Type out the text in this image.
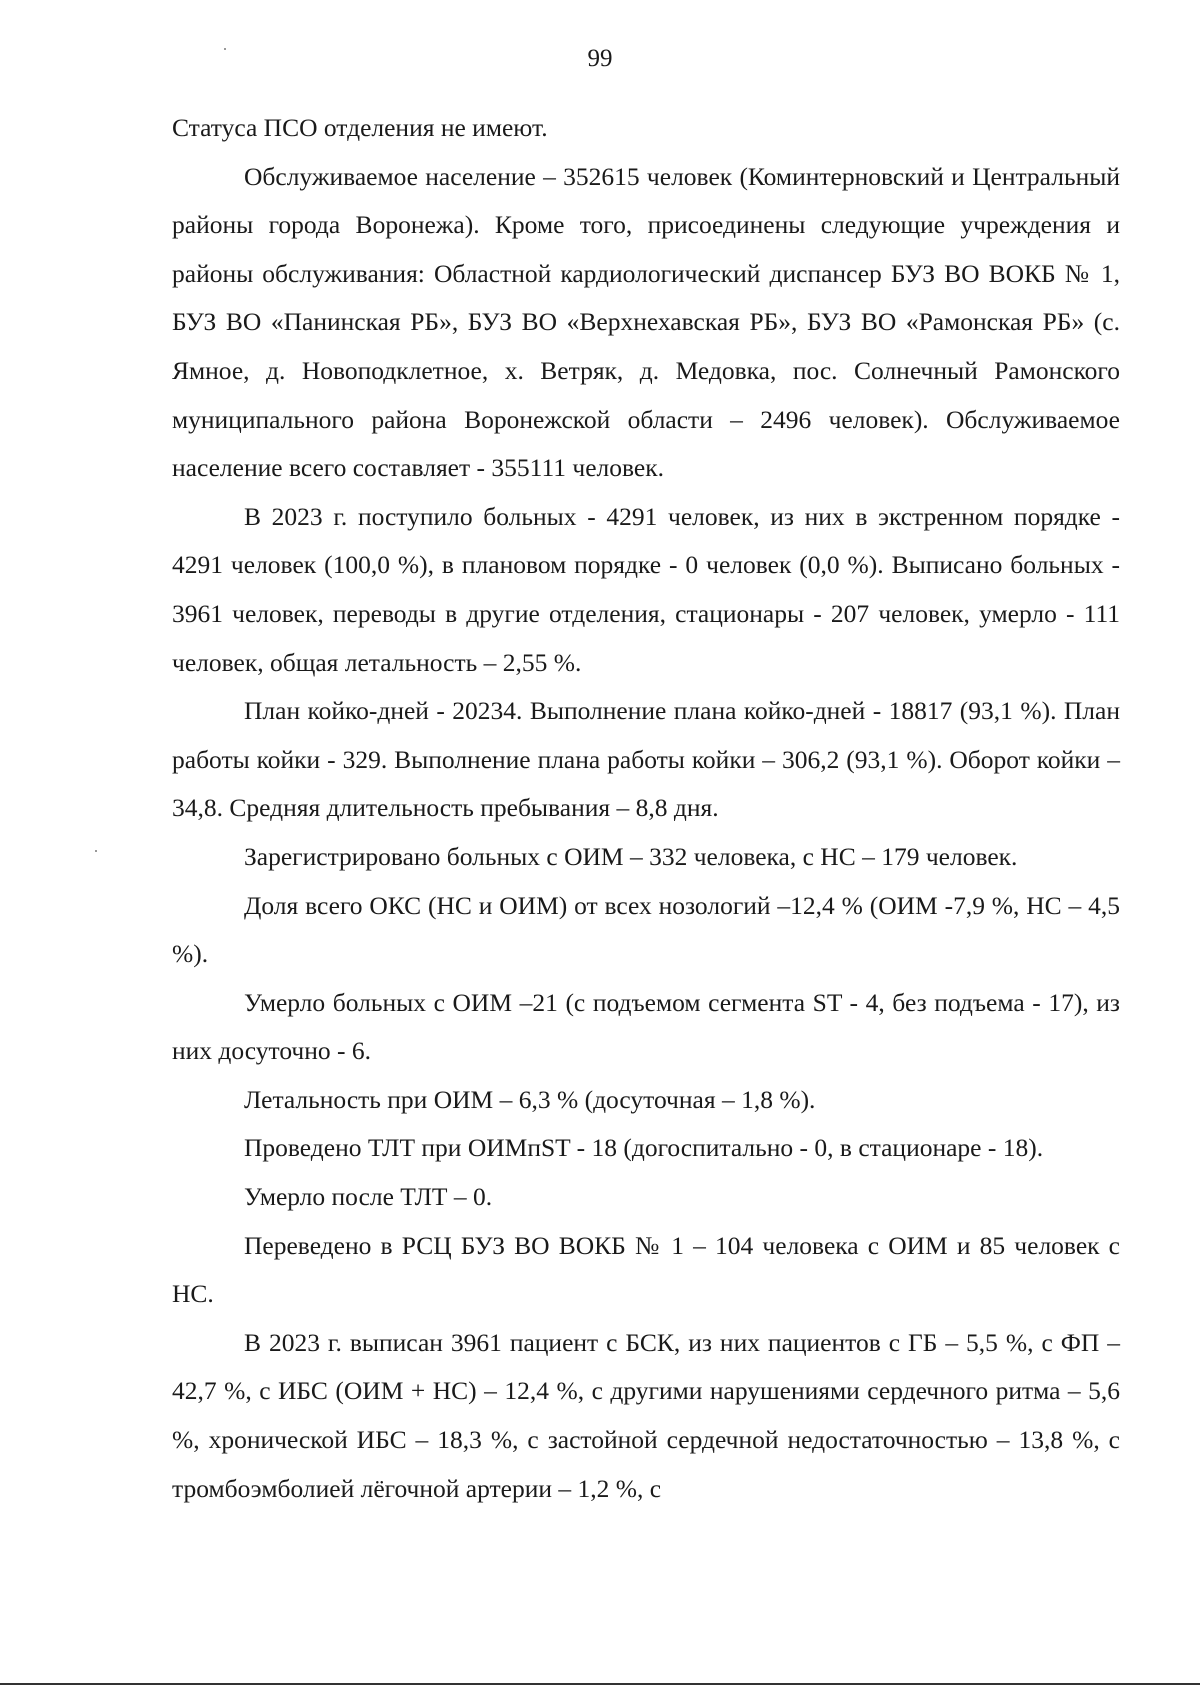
99

Статуса ПСО отделения не имеют.

Обслуживаемое население – 352615 человек (Коминтерновский и Центральный районы города Воронежа). Кроме того, присоединены следующие учреждения и районы обслуживания: Областной кардиологический диспансер БУЗ ВО ВОКБ № 1, БУЗ ВО «Панинская РБ», БУЗ ВО «Верхнехавская РБ», БУЗ ВО «Рамонская РБ» (с. Ямное, д. Новоподклетное, х. Ветряк, д. Медовка, пос. Солнечный Рамонского муниципального района Воронежской области – 2496 человек). Обслуживаемое население всего составляет - 355111 человек.

В 2023 г. поступило больных - 4291 человек, из них в экстренном порядке - 4291 человек (100,0 %), в плановом порядке - 0 человек (0,0 %). Выписано больных - 3961 человек, переводы в другие отделения, стационары - 207 человек, умерло - 111 человек, общая летальность – 2,55 %.

План койко-дней - 20234. Выполнение плана койко-дней - 18817 (93,1 %). План работы койки - 329. Выполнение плана работы койки – 306,2 (93,1 %). Оборот койки – 34,8. Средняя длительность пребывания – 8,8 дня.

Зарегистрировано больных с ОИМ – 332 человека, с НС – 179 человек.

Доля всего ОКС (НС и ОИМ) от всех нозологий –12,4 % (ОИМ -7,9 %, НС – 4,5 %).

Умерло больных с ОИМ –21 (с подъемом сегмента ST - 4, без подъема - 17), из них досуточно - 6.

Летальность при ОИМ – 6,3 % (досуточная – 1,8 %).

Проведено ТЛТ при ОИМпST - 18 (догоспитально - 0, в стационаре - 18).

Умерло после ТЛТ – 0.

Переведено в РСЦ БУЗ ВО ВОКБ № 1 – 104 человека с ОИМ и 85 человек с НС.

В 2023 г. выписан 3961 пациент с БСК, из них пациентов с ГБ – 5,5 %, с ФП – 42,7 %, с ИБС (ОИМ + НС) – 12,4 %, с другими нарушениями сердечного ритма – 5,6 %, хронической ИБС – 18,3 %, с застойной сердечной недостаточностью – 13,8 %, с тромбоэмболией лёгочной артерии – 1,2 %, с
